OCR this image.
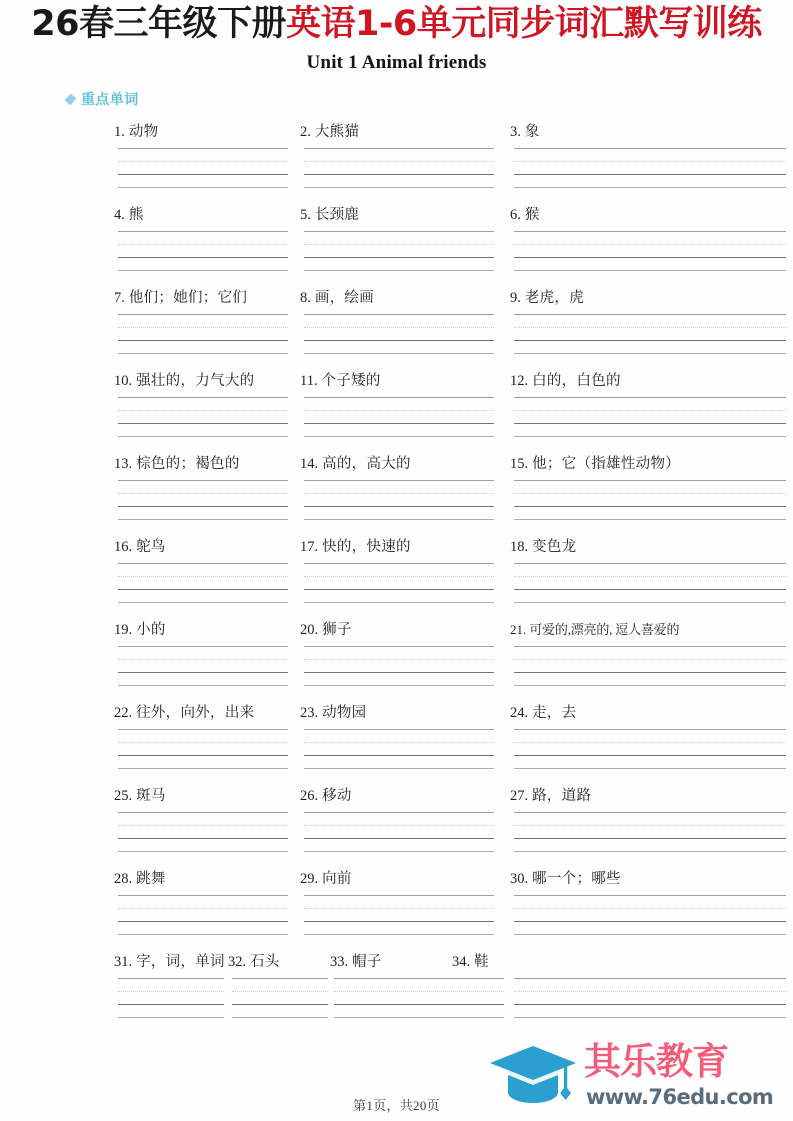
26春三年级下册英语1-6单元同步词汇默写训练
Unit 1 Animal friends
重点单词
1. 动物	2. 大熊猫	3. 象
4. 熊	5. 长颈鹿	6. 猴
7. 他们；她们；它们	8. 画，绘画	9. 老虎，虎
10. 强壮的，力气大的	11. 个子矮的	12. 白的，白色的
13. 棕色的；褐色的	14. 高的，高大的	15. 他；它（指雄性动物）
16. 鸵鸟	17. 快的，快速的	18. 变色龙
19. 小的	20. 狮子	21. 可爱的,漂亮的, 逗人喜爱的
22. 往外，向外，出来	23. 动物园	24. 走，去
25. 斑马	26. 移动	27. 路，道路
28. 跳舞	29. 向前	30. 哪一个；哪些
31. 字，词，单词 32. 石头	33. 帽子	34. 鞋
第1页，共20页
其乐教育
www.76edu.com
